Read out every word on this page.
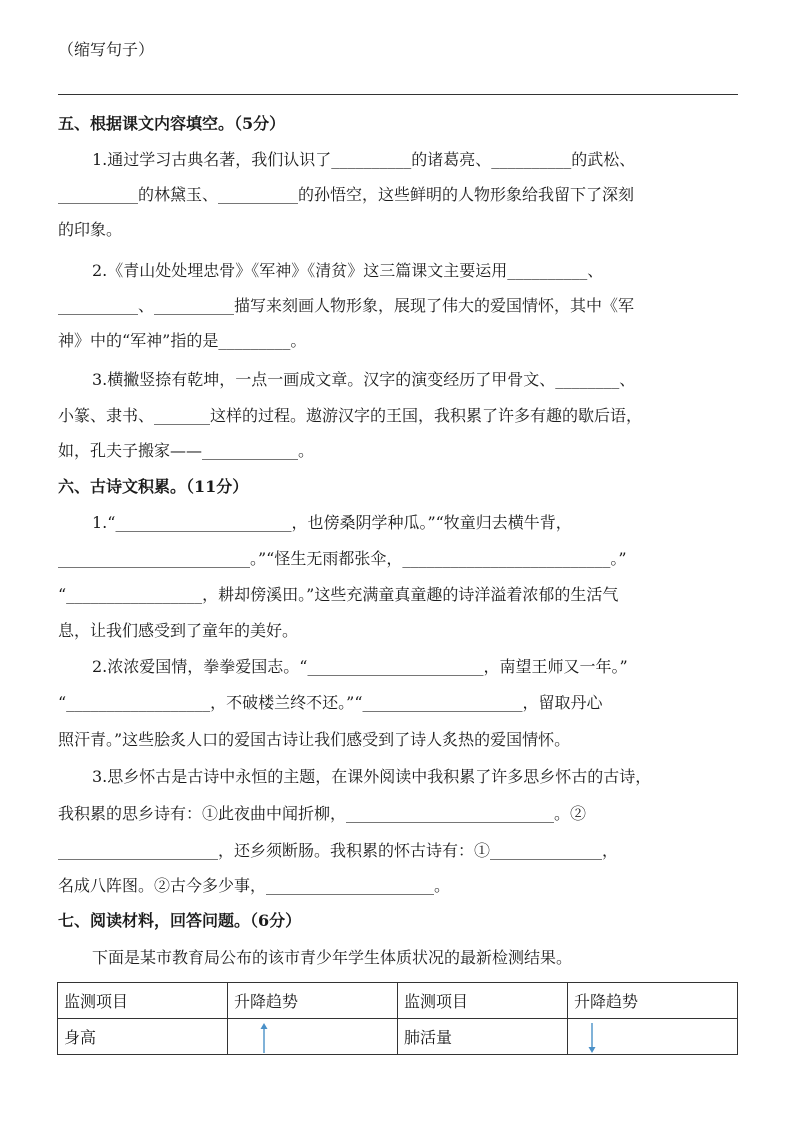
（缩写句子）
五、根据课文内容填空。（5分）
1.通过学习古典名著，我们认识了__________的诸葛亮、__________的武松、
__________的林黛玉、__________的孙悟空，这些鲜明的人物形象给我留下了深刻
的印象。
2.《青山处处埋忠骨》《军神》《清贫》这三篇课文主要运用__________、
__________、__________描写来刻画人物形象，展现了伟大的爱国情怀，其中《军
神》中的“军神”指的是_________。
3.横撇竖捺有乾坤，一点一画成文章。汉字的演变经历了甲骨文、________、
小篆、隶书、_______这样的过程。遨游汉字的王国，我积累了许多有趣的歇后语，
如，孔夫子搬家——____________。
六、古诗文积累。（11分）
1.“______________________，也傍桑阴学种瓜。”“牧童归去横牛背，
________________________。”“怪生无雨都张伞，__________________________。”
“_________________，耕却傍溪田。”这些充满童真童趣的诗洋溢着浓郁的生活气
息，让我们感受到了童年的美好。
2.浓浓爱国情，拳拳爱国志。“______________________，南望王师又一年。”
“__________________，不破楼兰终不还。”“____________________，留取丹心
照汗青。”这些脍炙人口的爱国古诗让我们感受到了诗人炙热的爱国情怀。
3.思乡怀古是古诗中永恒的主题，在课外阅读中我积累了许多思乡怀古的古诗，
我积累的思乡诗有：①此夜曲中闻折柳，__________________________。②
____________________，还乡须断肠。我积累的怀古诗有：①______________，
名成八阵图。②古今多少事，_____________________。
七、阅读材料，回答问题。（6分）
下面是某市教育局公布的该市青少年学生体质状况的最新检测结果。
监测项目	升降趋势	监测项目	升降趋势
身高		肺活量	
